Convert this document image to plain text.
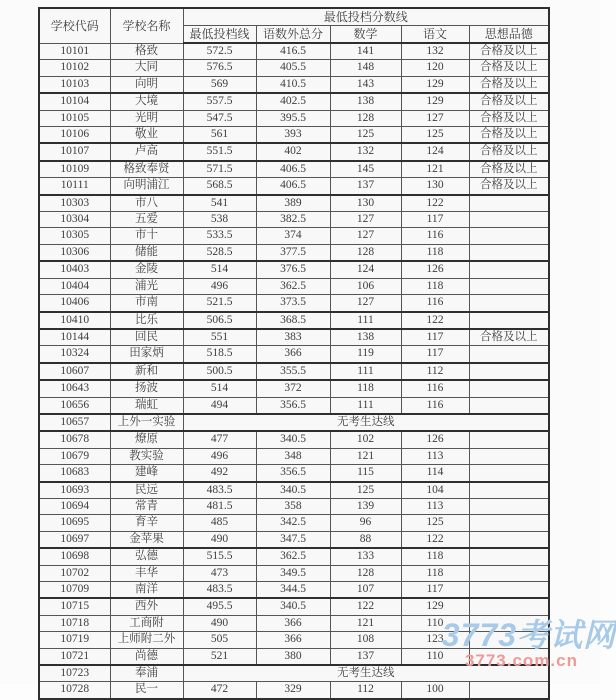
学校代码	学校名称	最低投档分数线				
		最低投档线	语数外总分	数学	语文	思想品德
10101	格致	572.5	416.5	141	132	合格及以上
10102	大同	576.5	405.5	148	120	合格及以上
10103	向明	569	410.5	143	129	合格及以上
10104	大境	557.5	402.5	138	129	合格及以上
10105	光明	547.5	395.5	128	127	合格及以上
10106	敬业	561	393	125	125	合格及以上
10107	卢高	551.5	402	132	124	合格及以上
10109	格致奉贤	571.5	406.5	145	121	合格及以上
10111	向明浦江	568.5	406.5	137	130	合格及以上
10303	市八	541	389	130	122	
10304	五爱	538	382.5	127	117	
10305	市十	533.5	374	127	116	
10306	储能	528.5	377.5	128	118	
10403	金陵	514	376.5	124	126	
10404	浦光	496	362.5	106	118	
10406	市南	521.5	373.5	127	116	
10410	比乐	506.5	368.5	111	122	
10144	回民	551	383	138	117	合格及以上
10324	田家炳	518.5	366	119	117	
10607	新和	500.5	355.5	111	112	
10643	扬波	514	372	118	116	
10656	瑞虹	494	356.5	111	116	
10657	上外一实验	无考生达线				
10678	燎原	477	340.5	102	126	
10679	教实验	496	348	121	113	
10683	建峰	492	356.5	115	114	
10693	民远	483.5	340.5	125	104	
10694	常青	481.5	358	139	113	
10695	育辛	485	342.5	96	125	
10697	金苹果	490	347.5	88	122	
10698	弘德	515.5	362.5	133	118	
10702	丰华	473	349.5	128	118	
10709	南洋	483.5	344.5	107	117	
10715	西外	495.5	340.5	122	129	
10718	工商附	490	366	121	110	
10719	上师附二外	505	366	108	123	
10721	尚德	521	380	137	110	
10723	奉浦	无考生达线				
10728	民一	472	329	112	100	
3773考试网
3773.com.cn
